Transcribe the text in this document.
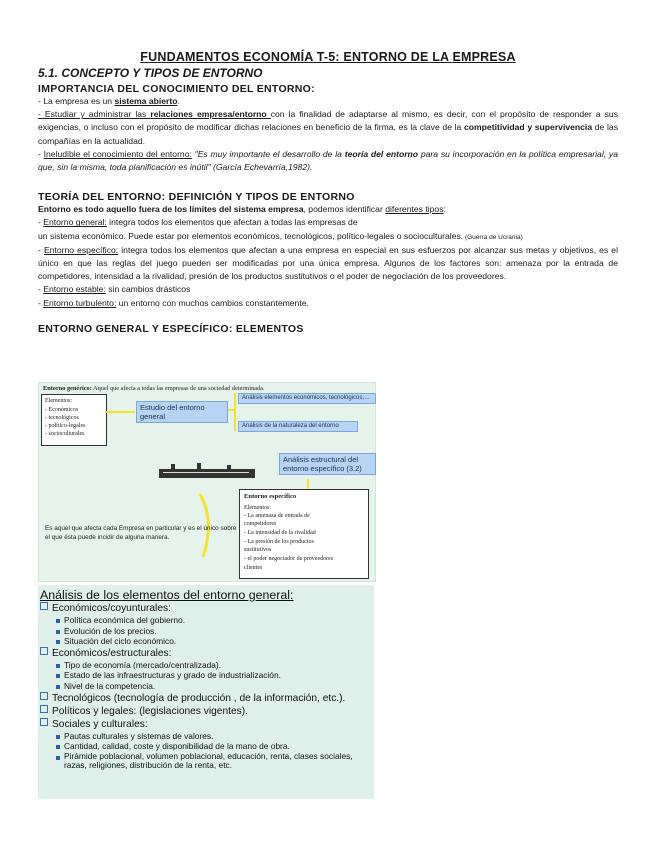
FUNDAMENTOS ECONOMÍA T-5: ENTORNO DE LA EMPRESA
5.1. CONCEPTO Y TIPOS DE ENTORNO
IMPORTANCIA DEL CONOCIMIENTO DEL ENTORNO:
- La empresa es un sistema abierto.
- Estudiar y administrar las relaciones empresa/entorno con la finalidad de adaptarse al mismo, es decir, con el propósito de responder a sus exigencias, o incluso con el propósito de modificar dichas relaciones en beneficio de la firma, es la clave de la competitividad y supervivencia de las compañías en la actualidad.
- Ineludible el conocimiento del entorno: "Es muy importante el desarrollo de la teoría del entorno para su incorporación en la política empresarial, ya que, sin la misma, toda planificación es inútil" (García Echevarría,1982).
TEORÍA DEL ENTORNO: DEFINICIÓN Y TIPOS DE ENTORNO
Entorno es todo aquello fuera de los límites del sistema empresa, podemos identificar diferentes tipos:
- Entorno general: integra todos los elementos que afectan a todas las empresas de
un sistema económico. Puede estar por elementos económicos, tecnológicos, político-legales o socioculturales. (Guerra de Ucrania)
- Entorno específico: integra todos los elementos que afectan a una empresa en especial en sus esfuerzos por alcanzar sus metas y objetivos, es el único en que las reglas del juego pueden ser modificadas por una única empresa. Algunos de los factores son: amenaza por la entrada de competidores, intensidad a la rivalidad, presión de los productos sustitutivos o el poder de negociación de los proveedores.
- Entorno estable: sin cambios drásticos
- Entorno turbulento: un entorno con muchos cambios constantemente.
ENTORNO GENERAL Y ESPECÍFICO: ELEMENTOS
Entorno genérico: Aquel que afecta a todas las empresas de una sociedad determinada.
Elementos:
- Económicos
- tecnológicos
- político-legales
- socioculturales
Estudio del entorno general
Análisis elementos económicos, tecnológicos,…
Análisis de la naturaleza del entorno
Análisis estructural del entorno específico (3.2)
Entorno específico
Elementos:
- La amenaza de entrada de
competidores
- La intensidad de la rivalidad
- La presión de los productos
sustitutivos
- el poder negociador de proveedores
clientes
Es aquel que afecta cada Empresa en particular y es el único sobre el que ésta puede incidir de alguna manera.
Análisis de los elementos del entorno general:
Económicos/coyunturales:
Política económica del gobierno.
Evolución de los precios.
Situación del ciclo económico.
Económicos/estructurales:
Tipo de economía (mercado/centralizada).
Estado de las infraestructuras y grado de industrialización.
Nivel de la competencia.
Tecnológicos (tecnología de producción , de la información, etc.).
Políticos y legales: (legislaciones vigentes).
Sociales y culturales:
Pautas culturales y sistemas de valores.
Cantidad, calidad, coste y disponibilidad de la mano de obra.
Pirámide poblacional, volumen poblacional, educación, renta, clases sociales, razas, religiones, distribución de la renta, etc.
